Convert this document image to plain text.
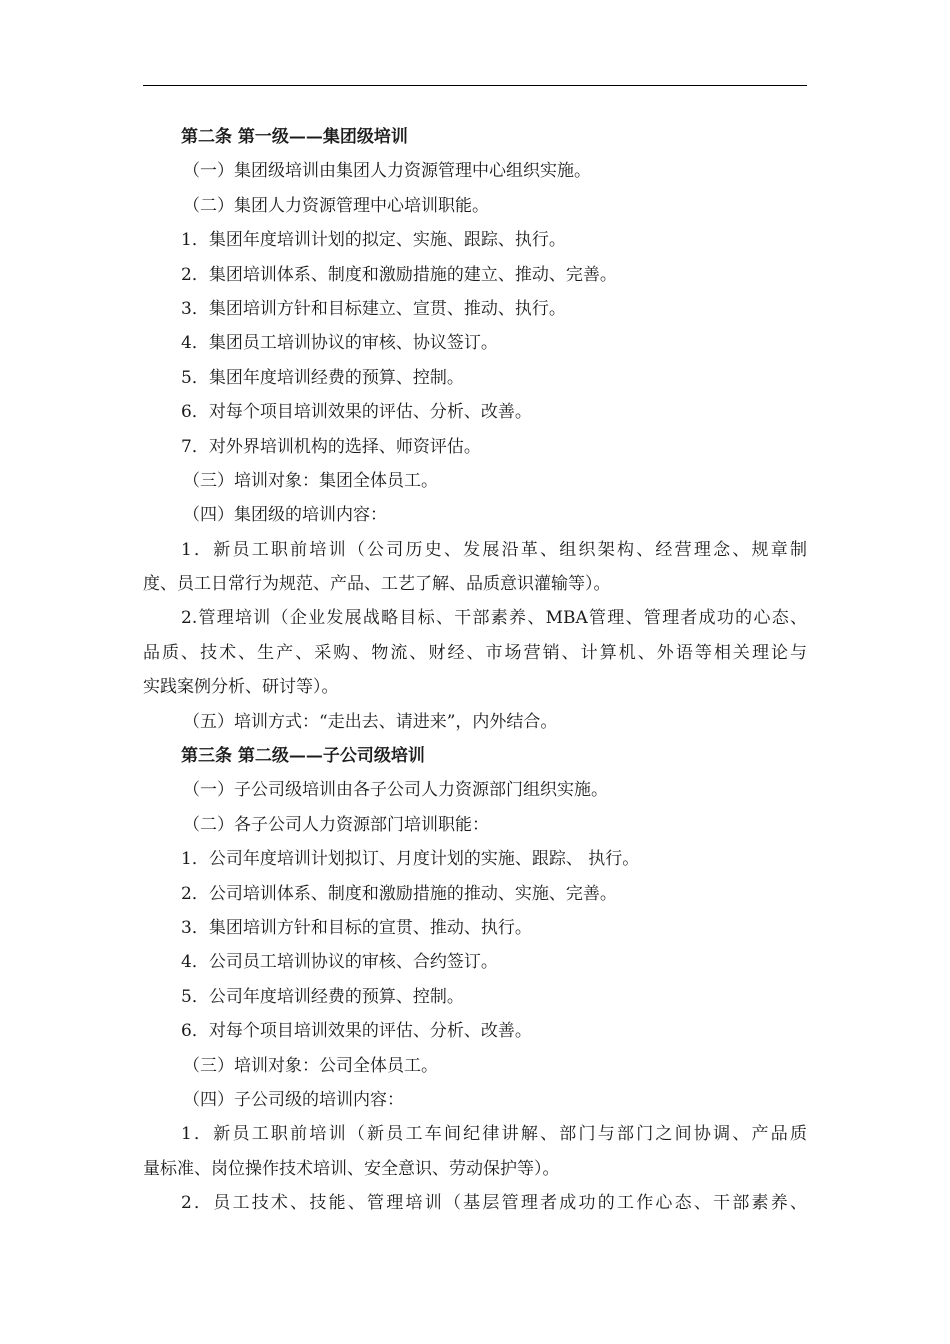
第二条 第一级——集团级培训
（一）集团级培训由集团人力资源管理中心组织实施。
（二）集团人力资源管理中心培训职能。
1．集团年度培训计划的拟定、实施、跟踪、执行。
2．集团培训体系、制度和激励措施的建立、推动、完善。
3．集团培训方针和目标建立、宣贯、推动、执行。
4．集团员工培训协议的审核、协议签订。
5．集团年度培训经费的预算、控制。
6．对每个项目培训效果的评估、分析、改善。
7．对外界培训机构的选择、师资评估。
（三）培训对象：集团全体员工。
（四）集团级的培训内容：
1．新员工职前培训（公司历史、发展沿革、组织架构、经营理念、规章制
度、员工日常行为规范、产品、工艺了解、品质意识灌输等）。
2.管理培训（企业发展战略目标、干部素养、MBA管理、管理者成功的心态、
品质、技术、生产、采购、物流、财经、市场营销、计算机、外语等相关理论与
实践案例分析、研讨等）。
（五）培训方式：“走出去、请进来”，内外结合。
第三条 第二级——子公司级培训
（一）子公司级培训由各子公司人力资源部门组织实施。
（二）各子公司人力资源部门培训职能：
1．公司年度培训计划拟订、月度计划的实施、跟踪、 执行。
2．公司培训体系、制度和激励措施的推动、实施、完善。
3．集团培训方针和目标的宣贯、推动、执行。
4．公司员工培训协议的审核、合约签订。
5．公司年度培训经费的预算、控制。
6．对每个项目培训效果的评估、分析、改善。
（三）培训对象：公司全体员工。
（四）子公司级的培训内容：
1．新员工职前培训（新员工车间纪律讲解、部门与部门之间协调、产品质
量标准、岗位操作技术培训、安全意识、劳动保护等）。
2．员工技术、技能、管理培训（基层管理者成功的工作心态、干部素养、
